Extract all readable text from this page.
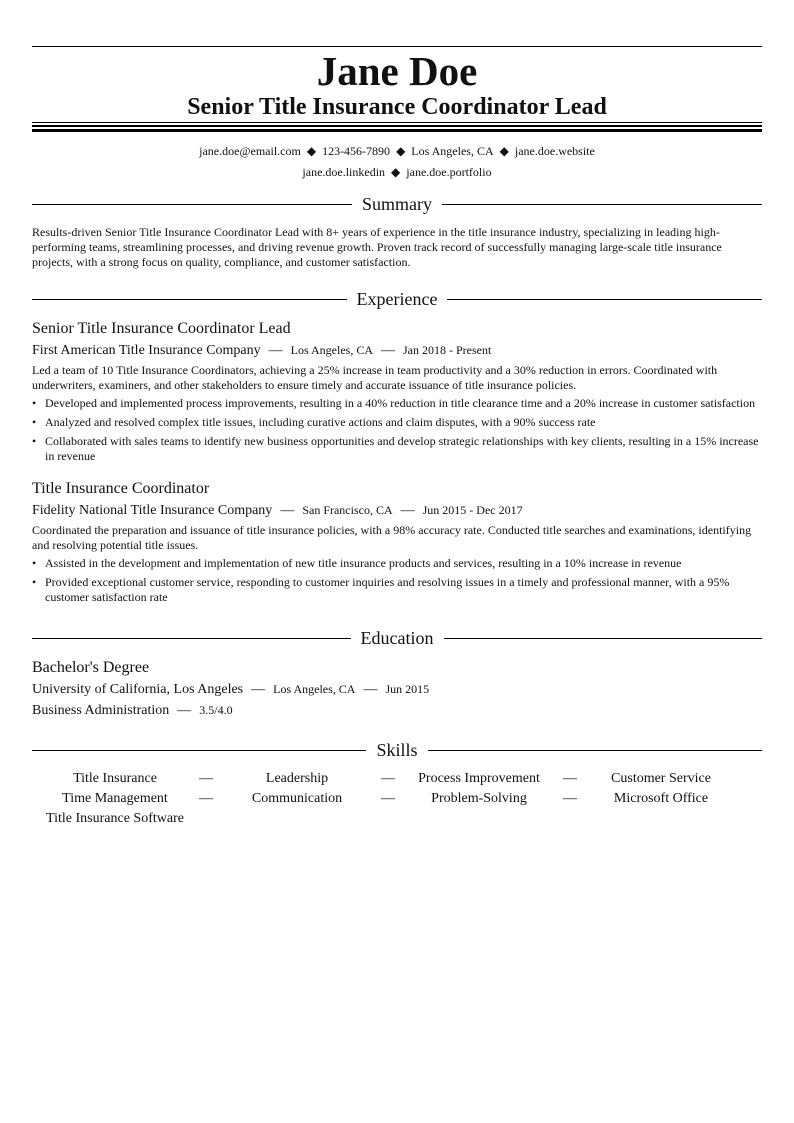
Jane Doe
Senior Title Insurance Coordinator Lead
jane.doe@email.com ◆ 123-456-7890 ◆ Los Angeles, CA ◆ jane.doe.website
jane.doe.linkedin ◆ jane.doe.portfolio
Summary
Results-driven Senior Title Insurance Coordinator Lead with 8+ years of experience in the title insurance industry, specializing in leading high-performing teams, streamlining processes, and driving revenue growth. Proven track record of successfully managing large-scale title insurance projects, with a strong focus on quality, compliance, and customer satisfaction.
Experience
Senior Title Insurance Coordinator Lead
First American Title Insurance Company — Los Angeles, CA — Jan 2018 - Present
Led a team of 10 Title Insurance Coordinators, achieving a 25% increase in team productivity and a 30% reduction in errors. Coordinated with underwriters, examiners, and other stakeholders to ensure timely and accurate issuance of title insurance policies.
• Developed and implemented process improvements, resulting in a 40% reduction in title clearance time and a 20% increase in customer satisfaction
• Analyzed and resolved complex title issues, including curative actions and claim disputes, with a 90% success rate
• Collaborated with sales teams to identify new business opportunities and develop strategic relationships with key clients, resulting in a 15% increase in revenue
Title Insurance Coordinator
Fidelity National Title Insurance Company — San Francisco, CA — Jun 2015 - Dec 2017
Coordinated the preparation and issuance of title insurance policies, with a 98% accuracy rate. Conducted title searches and examinations, identifying and resolving potential title issues.
• Assisted in the development and implementation of new title insurance products and services, resulting in a 10% increase in revenue
• Provided exceptional customer service, responding to customer inquiries and resolving issues in a timely and professional manner, with a 95% customer satisfaction rate
Education
Bachelor's Degree
University of California, Los Angeles — Los Angeles, CA — Jun 2015
Business Administration — 3.5/4.0
Skills
Title Insurance	—	Leadership	—	Process Improvement	—	Customer Service
Time Management	—	Communication	—	Problem-Solving	—	Microsoft Office
Title Insurance Software
